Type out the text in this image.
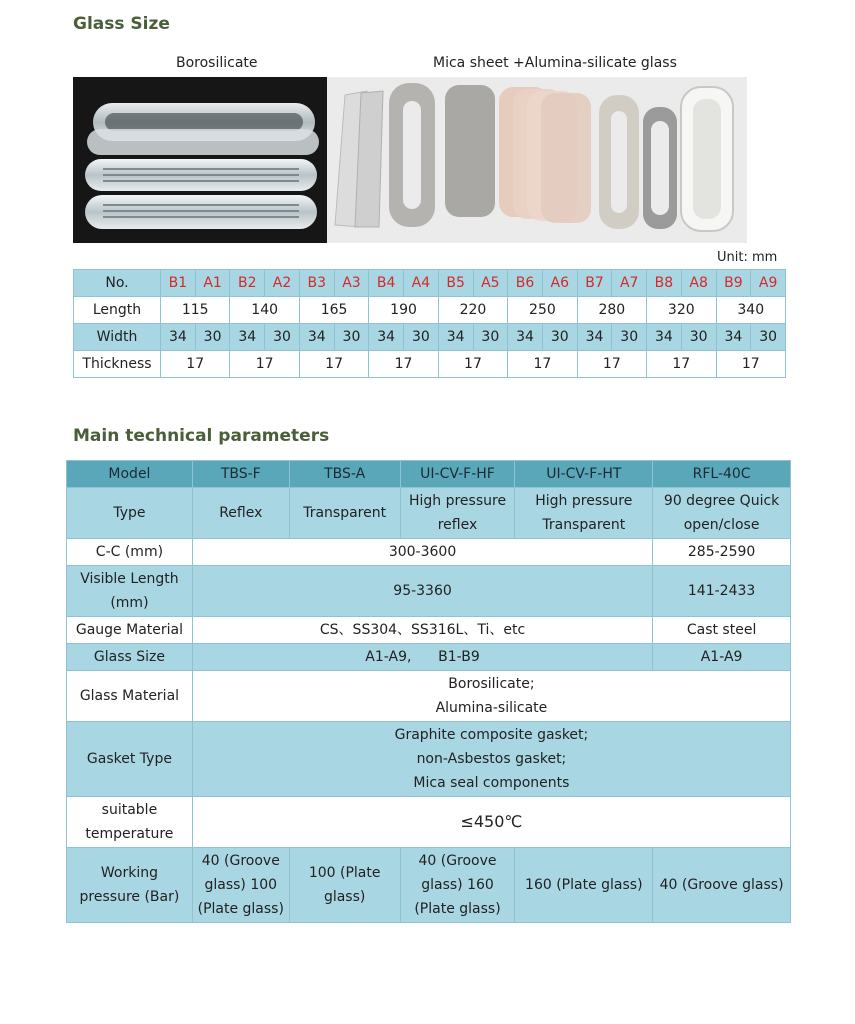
Glass Size
Borosilicate	Mica sheet +Alumina-silicate glass
Unit: mm
No.	B1	A1	B2	A2	B3	A3	B4	A4	B5	A5	B6	A6	B7	A7	B8	A8	B9	A9
Length	115		140		165		190		220		250		280		320		340	
Width	34	30	34	30	34	30	34	30	34	30	34	30	34	30	34	30	34	30
Thickness	17		17		17		17		17		17		17		17		17	
Main technical parameters
Model	TBS-F	TBS-A	UI-CV-F-HF	UI-CV-F-HT	RFL-40C
Type	Reflex	Transparent	High pressure reflex	High pressure Transparent	90 degree Quick open/close
C-C (mm)	300-3600				285-2590
Visible Length (mm)	95-3360				141-2433
Gauge Material	CS、SS304、SS316L、Ti、etc				Cast steel
Glass Size	A1-A9,      B1-B9				A1-A9
Glass Material	Borosilicate;
Alumina-silicate				

Gasket Type	Graphite composite gasket;
non-Asbestos gasket;
Mica seal components				

suitable temperature	≤450℃				
Working pressure (Bar)	40 (Groove glass) 100 (Plate glass)	100 (Plate glass)	40 (Groove glass) 160 (Plate glass)	160 (Plate glass)	40 (Groove glass)
